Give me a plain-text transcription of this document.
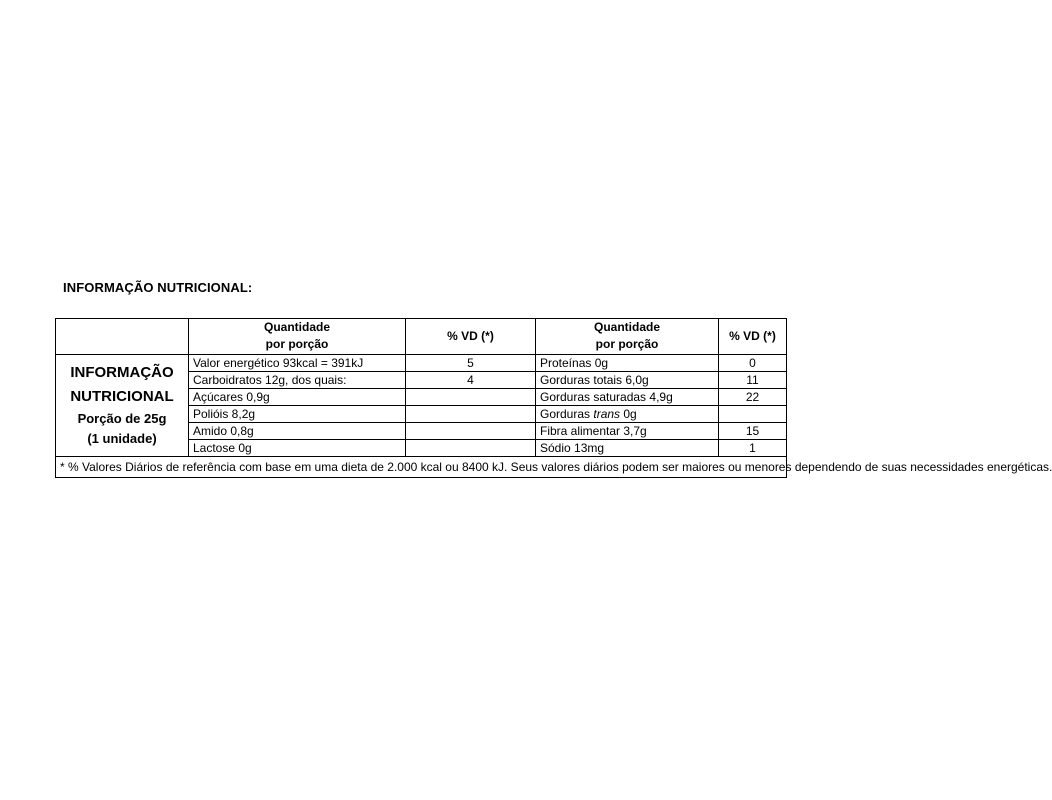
INFORMAÇÃO NUTRICIONAL:

	Quantidade
por porção	% VD (*)	Quantidade
por porção	% VD (*)

INFORMAÇÃO
NUTRICIONAL
Porção de 25g
(1 unidade)	Valor energético 93kcal = 391kJ	5	Proteínas 0g	0
	Carboidratos 12g, dos quais:	4	Gorduras totais 6,0g	11
	Açúcares 0,9g		Gorduras saturadas 4,9g	22
	Polióis 8,2g		Gorduras trans 0g	
	Amido 0,8g		Fibra alimentar 3,7g	15
	Lactose 0g		Sódio 13mg	1
* % Valores Diários de referência com base em uma dieta de 2.000 kcal ou 8400 kJ. Seus valores diários podem ser maiores ou menores dependendo de suas necessidades energéticas.				
